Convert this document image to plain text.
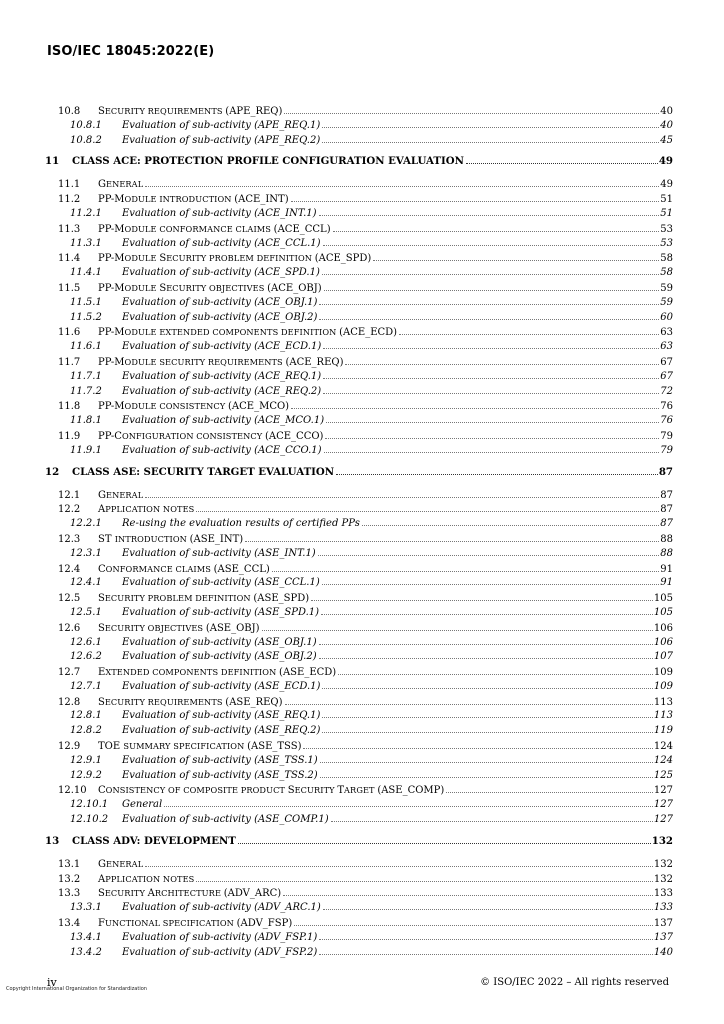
ISO/IEC 18045:2022(E)
10.8	SECURITY REQUIREMENTS (APE_REQ)	40
10.8.1	Evaluation of sub-activity (APE_REQ.1)	40
10.8.2	Evaluation of sub-activity (APE_REQ.2)	45
11	CLASS ACE: PROTECTION PROFILE CONFIGURATION EVALUATION	49
11.1	GENERAL	49
11.2	PP-MODULE INTRODUCTION (ACE_INT)	51
11.2.1	Evaluation of sub-activity (ACE_INT.1)	51
11.3	PP-MODULE CONFORMANCE CLAIMS (ACE_CCL)	53
11.3.1	Evaluation of sub-activity (ACE_CCL.1)	53
11.4	PP-MODULE SECURITY PROBLEM DEFINITION (ACE_SPD)	58
11.4.1	Evaluation of sub-activity (ACE_SPD.1)	58
11.5	PP-MODULE SECURITY OBJECTIVES (ACE_OBJ)	59
11.5.1	Evaluation of sub-activity (ACE_OBJ.1)	59
11.5.2	Evaluation of sub-activity (ACE_OBJ.2)	60
11.6	PP-MODULE EXTENDED COMPONENTS DEFINITION (ACE_ECD)	63
11.6.1	Evaluation of sub-activity (ACE_ECD.1)	63
11.7	PP-MODULE SECURITY REQUIREMENTS (ACE_REQ)	67
11.7.1	Evaluation of sub-activity (ACE_REQ.1)	67
11.7.2	Evaluation of sub-activity (ACE_REQ.2)	72
11.8	PP-MODULE CONSISTENCY (ACE_MCO)	76
11.8.1	Evaluation of sub-activity (ACE_MCO.1)	76
11.9	PP-CONFIGURATION CONSISTENCY (ACE_CCO)	79
11.9.1	Evaluation of sub-activity (ACE_CCO.1)	79
12	CLASS ASE: SECURITY TARGET EVALUATION	87
12.1	GENERAL	87
12.2	APPLICATION NOTES	87
12.2.1	Re-using the evaluation results of certified PPs	87
12.3	ST INTRODUCTION (ASE_INT)	88
12.3.1	Evaluation of sub-activity (ASE_INT.1)	88
12.4	CONFORMANCE CLAIMS (ASE_CCL)	91
12.4.1	Evaluation of sub-activity (ASE_CCL.1)	91
12.5	SECURITY PROBLEM DEFINITION (ASE_SPD)	105
12.5.1	Evaluation of sub-activity (ASE_SPD.1)	105
12.6	SECURITY OBJECTIVES (ASE_OBJ)	106
12.6.1	Evaluation of sub-activity (ASE_OBJ.1)	106
12.6.2	Evaluation of sub-activity (ASE_OBJ.2)	107
12.7	EXTENDED COMPONENTS DEFINITION (ASE_ECD)	109
12.7.1	Evaluation of sub-activity (ASE_ECD.1)	109
12.8	SECURITY REQUIREMENTS (ASE_REQ)	113
12.8.1	Evaluation of sub-activity (ASE_REQ.1)	113
12.8.2	Evaluation of sub-activity (ASE_REQ.2)	119
12.9	TOE SUMMARY SPECIFICATION (ASE_TSS)	124
12.9.1	Evaluation of sub-activity (ASE_TSS.1)	124
12.9.2	Evaluation of sub-activity (ASE_TSS.2)	125
12.10	CONSISTENCY OF COMPOSITE PRODUCT SECURITY TARGET (ASE_COMP)	127
12.10.1	General	127
12.10.2	Evaluation of sub-activity (ASE_COMP.1)	127
13	CLASS ADV: DEVELOPMENT	132
13.1	GENERAL	132
13.2	APPLICATION NOTES	132
13.3	SECURITY ARCHITECTURE (ADV_ARC)	133
13.3.1	Evaluation of sub-activity (ADV_ARC.1)	133
13.4	FUNCTIONAL SPECIFICATION (ADV_FSP)	137
13.4.1	Evaluation of sub-activity (ADV_FSP.1)	137
13.4.2	Evaluation of sub-activity (ADV_FSP.2)	140
iv
Copyright International Organization for Standardization
© ISO/IEC 2022 – All rights reserved
